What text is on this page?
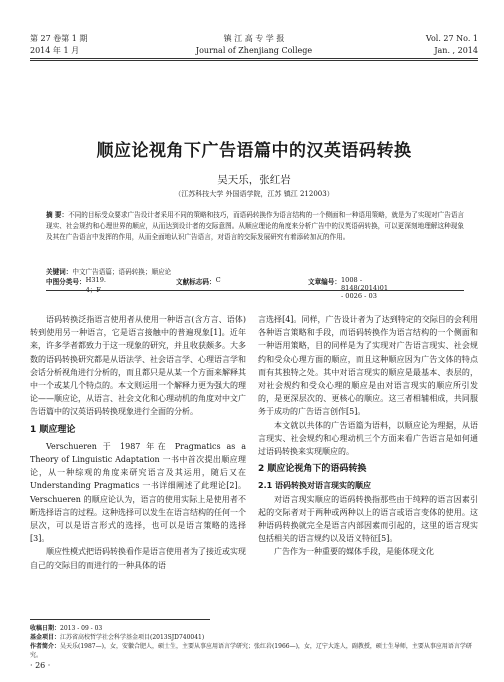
第 27 卷第 1 期	镇 江 高 专 学 报	Vol. 27 No. 1
2014 年 1 月	Journal of Zhenjiang College	Jan. , 2014
顺应论视角下广告语篇中的汉英语码转换
吴天乐，张红岩
（江苏科技大学 外国语学院，江苏 镇江 212003）
摘 要：不同的目标受众要求广告设计者采用不同的策略和技巧，而语码转换作为语言结构的一个侧面和一种语用策略，就是为了实现对广告语言现实、社会规约和心理世界的顺应，从而达到设计者的交际意图。从顺应理论的角度来分析广告中的汉英语码转换，可以更深刻地理解这种现象及其在广告语言中发挥的作用，从而全面地认识广告语言，对语言的交际发展研究有着添砖加瓦的作用。
关键词：中文广告语篇；语码转换；顺应论
中图分类号： H319. 4；F
文献标志码： C	文章编号： 1008 - 8148(2014)01 - 0026 - 03

语码转换泛指语言使用者从使用一种语言(含方言、语体)转到使用另一种语言，它是语言接触中的普遍现象[1]。近年来，许多学者都致力于这一现象的研究，并且收获颇多。大多数的语码转换研究都是从语法学、社会语言学、心理语言学和会话分析视角进行分析的，而且都只是从某一个方面来解释其中一个或某几个特点的。本文则运用一个解释力更为强大的理论——顺应论，从语言、社会文化和心理动机的角度对中文广告语篇中的汉英语码转换现象进行全面的分析。

1 顺应理论

Verschueren 于 1987 年在 Pragmatics as a Theory of Linguistic Adaptation 一书中首次提出顺应理论，从一种综观的角度来研究语言及其运用，随后又在 Understanding Pragmatics 一书详细阐述了此理论[2]。Verschueren 的顺应论认为，语言的使用实际上是使用者不断选择语言的过程。这种选择可以发生在语言结构的任何一个层次，可以是语言形式的选择，也可以是语言策略的选择[3]。

顺应性模式把语码转换看作是语言使用者为了接近或实现自己的交际目的而进行的一种具体的语

言选择[4]。同样，广告设计者为了达到特定的交际目的会利用各种语言策略和手段，而语码转换作为语言结构的一个侧面和一种语用策略，目的同样是为了实现对广告语言现实、社会规约和受众心理方面的顺应，而且这种顺应因为广告文体的特点而有其独特之处。其中对语言现实的顺应是最基本、表层的，对社会规约和受众心理的顺应是由对语言现实的顺应所引发的，是更深层次的、更核心的顺应。这三者相辅相成，共同服务于成功的广告语言创作[5]。

本文就以共体的广告语篇为语料，以顺应论为理据，从语言现实、社会规约和心理动机三个方面来看广告语言是如何通过语码转换来实现顺应的。

2 顺应论视角下的语码转换
2.1 语码转换对语言现实的顺应

对语言现实顺应的语码转换指那些由于纯粹的语言因素引起的交际者对于两种或两种以上的语言或语言变体的使用。这种语码转换就完全是语言内部因素而引起的，这里的语言现实包括相关的语言规约以及语义特征[5]。

广告作为一种重要的媒体手段，是能体现文化

收稿日期：2013 - 09 - 03
基金项目：江苏省高校哲学社会科学基金项目(2013SJD740041)
作者简介：吴天乐(1987—)，女，安徽合肥人，硕士生，主要从事应用语言学研究；张红岩(1966—)，女，辽宁大连人，副教授，硕士生导师，主要从事应用语言学研究。
· 26 ·
